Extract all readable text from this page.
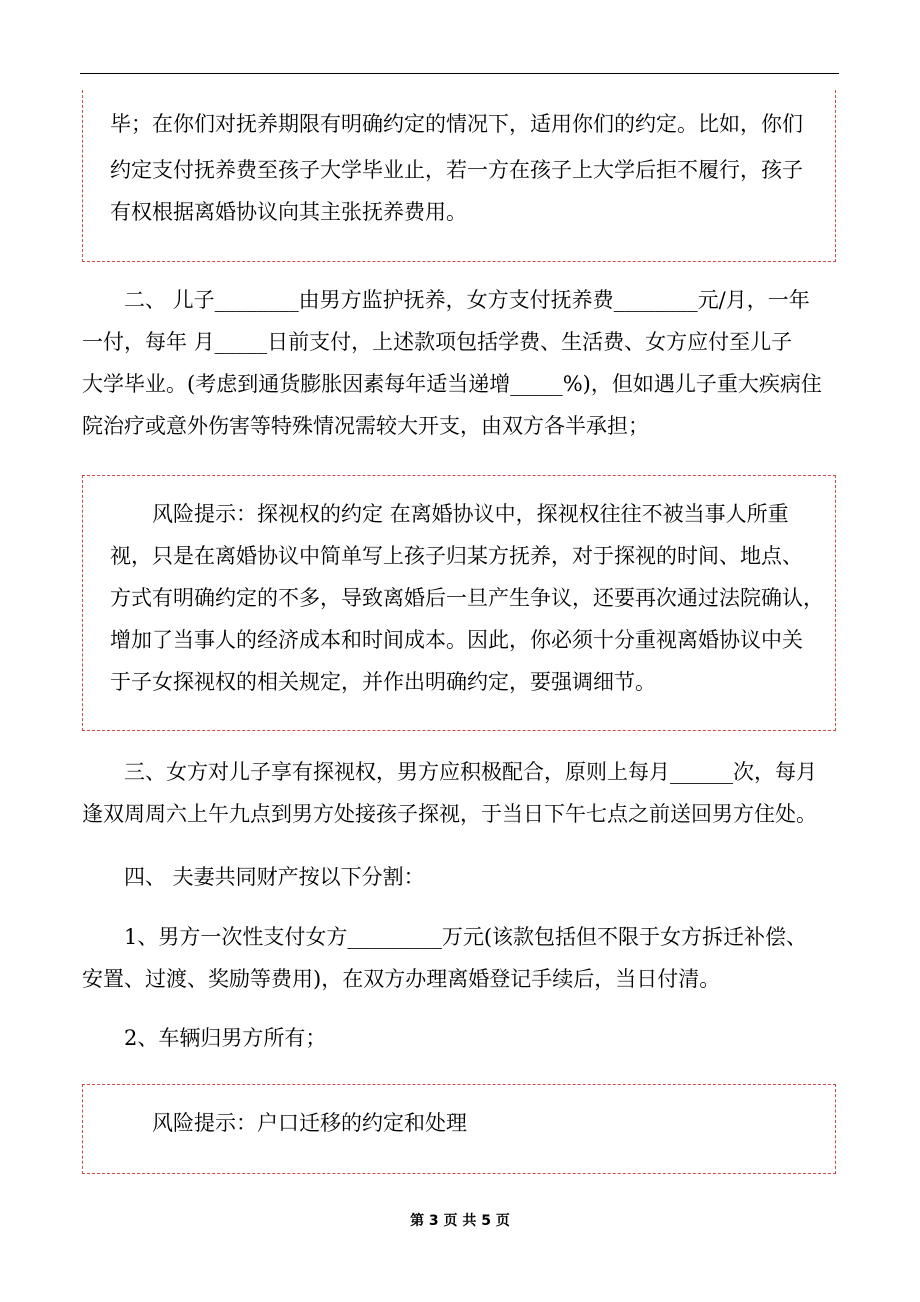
毕；在你们对抚养期限有明确约定的情况下，适用你们的约定。比如，你们

约定支付抚养费至孩子大学毕业止，若一方在孩子上大学后拒不履行，孩子

有权根据离婚协议向其主张抚养费用。

二、 儿子________由男方监护抚养，女方支付抚养费________元/月，一年

一付，每年 月_____日前支付，上述款项包括学费、生活费、女方应付至儿子

大学毕业。(考虑到通货膨胀因素每年适当递增_____%)，但如遇儿子重大疾病住

院治疗或意外伤害等特殊情况需较大开支，由双方各半承担；

风险提示：探视权的约定 在离婚协议中，探视权往往不被当事人所重

视，只是在离婚协议中简单写上孩子归某方抚养，对于探视的时间、地点、

方式有明确约定的不多，导致离婚后一旦产生争议，还要再次通过法院确认，

增加了当事人的经济成本和时间成本。因此，你必须十分重视离婚协议中关

于子女探视权的相关规定，并作出明确约定，要强调细节。

三、女方对儿子享有探视权，男方应积极配合，原则上每月______次，每月

逢双周周六上午九点到男方处接孩子探视，于当日下午七点之前送回男方住处。

四、 夫妻共同财产按以下分割：

1、男方一次性支付女方_________万元(该款包括但不限于女方拆迁补偿、

安置、过渡、奖励等费用)，在双方办理离婚登记手续后，当日付清。

2、车辆归男方所有；

风险提示：户口迁移的约定和处理

第 3 页 共 5 页
